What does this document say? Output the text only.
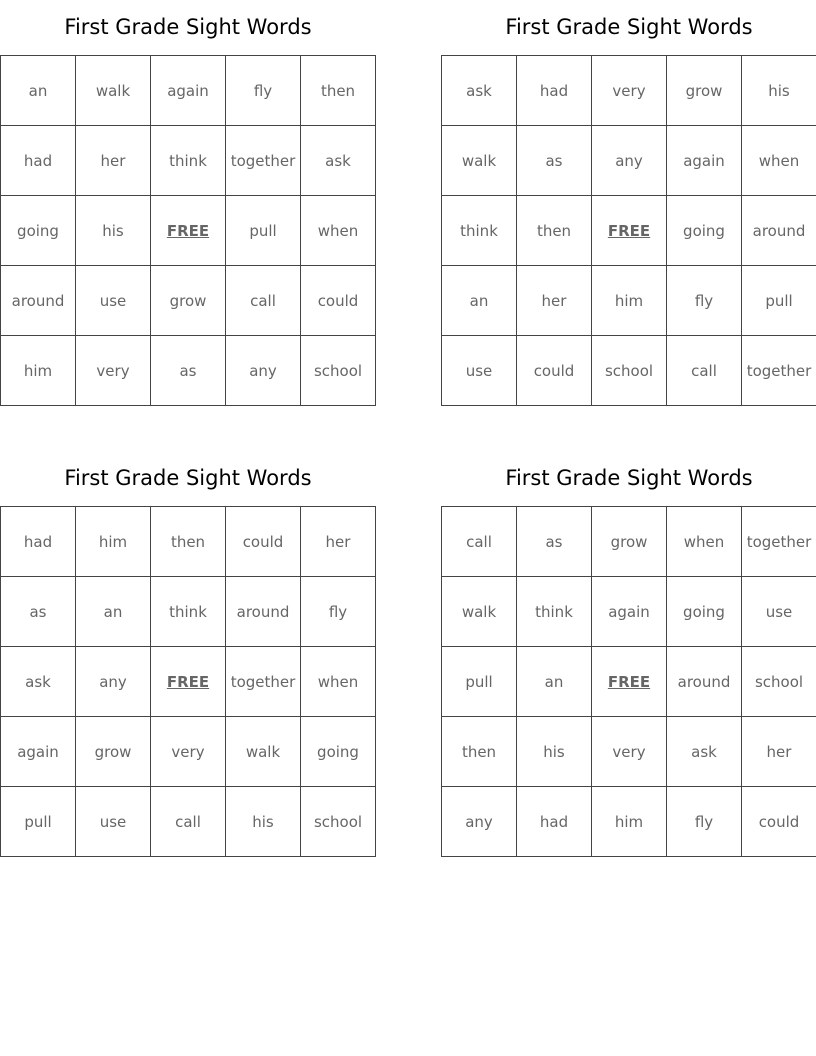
First Grade Sight Words
an	walk	again	fly	then
had	her	think	together	ask
going	his	FREE	pull	when
around	use	grow	call	could
him	very	as	any	school
First Grade Sight Words
ask	had	very	grow	his
walk	as	any	again	when
think	then	FREE	going	around
an	her	him	fly	pull
use	could	school	call	together
First Grade Sight Words
had	him	then	could	her
as	an	think	around	fly
ask	any	FREE	together	when
again	grow	very	walk	going
pull	use	call	his	school
First Grade Sight Words
call	as	grow	when	together
walk	think	again	going	use
pull	an	FREE	around	school
then	his	very	ask	her
any	had	him	fly	could
